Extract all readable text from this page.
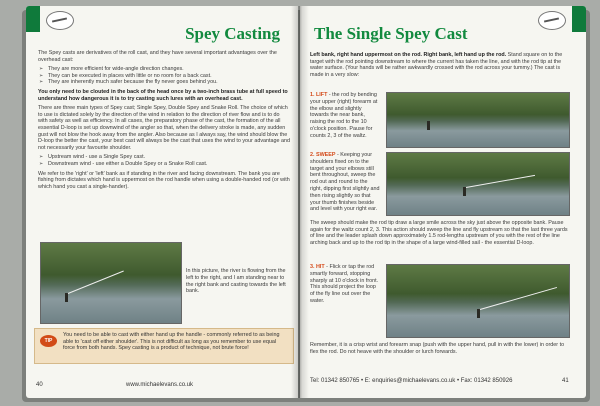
Spey Casting

The Spey casts are derivatives of the roll cast, and they have several important advantages over the overhead cast:

➢ They are more efficient for wide-angle direction changes.
➢ They can be executed in places with little or no room for a back cast.
➢ They are inherently much safer because the fly never goes behind you.

You only need to be clouted in the back of the head once by a two-inch brass tube at full speed to understand how dangerous it is to try casting such lures with an overhead cast.

There are three main types of Spey cast; Single Spey, Double Spey and Snake Roll. The choice of which to use is dictated solely by the direction of the wind in relation to the direction of river flow and is to do with safety as well as efficiency. In all cases, the preparatory phase of the cast, the formation of the all essential D-loop is set up downwind of the angler so that, when the delivery stroke is made, any sudden gust will not blow the hook away from the angler. Also because as I always say, the wind should blow the D-loop the better the cast, your best cast will always be the cast that uses the wind to your advantage and not necessarily your favourite shoulder.

➢ Upstream wind - use a Single Spey cast.
➢ Downstream wind - use either a Double Spey or a Snake Roll cast.

We refer to the 'right' or 'left' bank as if standing in the river and facing downstream. The bank you are fishing from dictates which hand is uppermost on the rod handle when using a double-handed rod (or with which hand you cast a single-hander).

In this picture, the river is flowing from the left to the right, and I am standing near to the right bank and casting towards the left bank.
TIP
You need to be able to cast with either hand up the handle - commonly referred to as being able to 'cast off either shoulder'. This is not difficult as long as you remember to use equal force from both hands. Spey casting is a product of technique, not brute force!
40	www.michaelevans.co.uk
The Single Spey Cast
Left bank, right hand uppermost on the rod. Right bank, left hand up the rod. Stand square on to the target with the rod pointing downstream to where the current has taken the line, and with the rod tip at the water surface. (Your hands will be rather awkwardly crossed with the rod across your tummy.) The cast is made in a very slow:
1. LIFT - the rod by bending your upper (right) forearm at the elbow and slightly towards the near bank, raising the rod to the 10 o'clock position. Pause for counts 2, 3 of the waltz.
2. SWEEP - Keeping your shoulders fixed on to the target and your elbows still bent throughout, sweep the rod out and round to the right, dipping first slightly and then rising slightly so that your thumb finishes beside and level with your right ear.
The sweep should make the rod tip draw a large smile across the sky just above the opposite bank. Pause again for the waltz count 2, 3. This action should sweep the line and fly upstream so that the last three yards of line and the leader splash down approximately 1.5 rod-lengths upstream of you with the rest of the line arching back and up to the rod tip in the shape of a large wind-filled sail - the essential D-loop.
3. HIT - Flick or tap the rod smartly forward, stopping sharply at 10 o'clock in front. This should project the loop of the fly line out over the water.
Remember, it is a crisp wrist and forearm snap (push with the upper hand, pull in with the lower) in order to flex the rod. Do not heave with the shoulder or lurch forwards.
Tel: 01342 850765 • E: enquiries@michaelevans.co.uk • Fax: 01342 850926	41
